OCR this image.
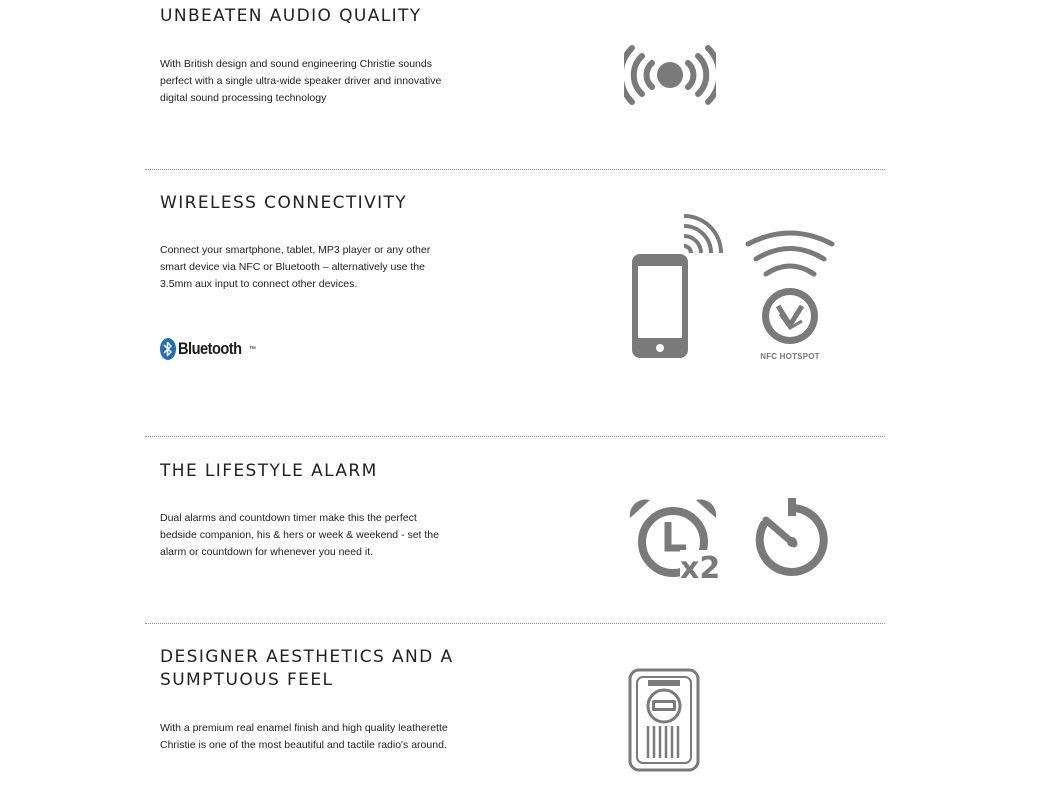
UNBEATEN AUDIO QUALITY

With British design and sound engineering Christie sounds perfect with a single ultra-wide speaker driver and innovative digital sound processing technology

WIRELESS CONNECTIVITY

Connect your smartphone, tablet, MP3 player or any other smart device via NFC or Bluetooth – alternatively use the 3.5mm aux input to connect other devices.

Bluetooth ™
NFC HOTSPOT
THE LIFESTYLE ALARM

Dual alarms and countdown timer make this the perfect bedside companion, his & hers or week & weekend - set the alarm or countdown for whenever you need it.	x2
DESIGNER AESTHETICS AND A
SUMPTUOUS FEEL

With a premium real enamel finish and high quality leatherette Christie is one of the most beautiful and tactile radio's around.
